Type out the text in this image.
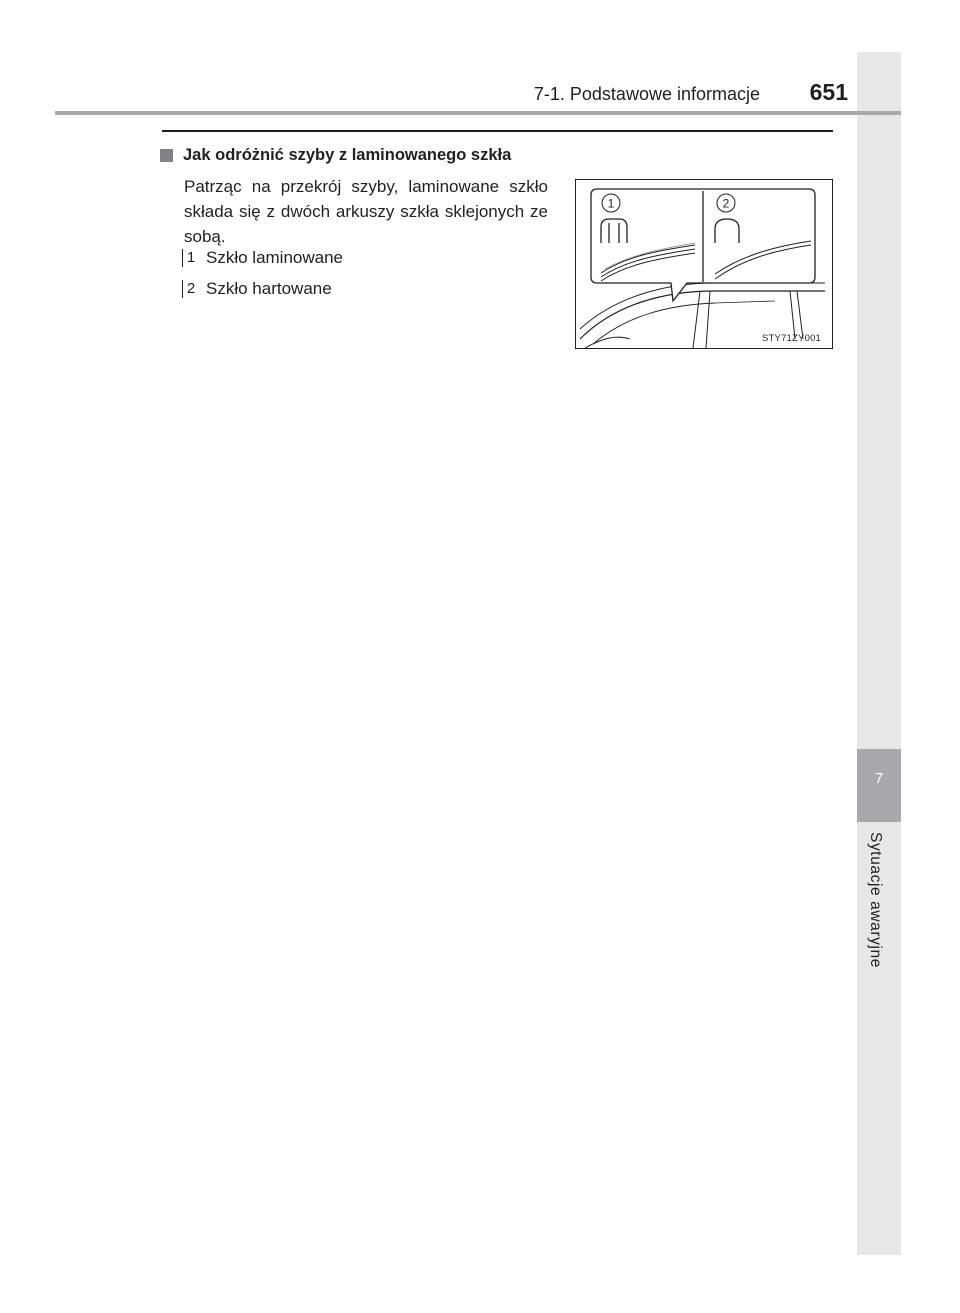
7
Sytuacje awaryjne
7-1. Podstawowe informacje	651
Jak odróżnić szyby z laminowanego szkła
Patrząc na przekrój szyby, laminowane szkło składa się z dwóch arkuszy szkła sklejonych ze sobą.
1 Szkło laminowane
2 Szkło hartowane
1	2
STY71ZY001
